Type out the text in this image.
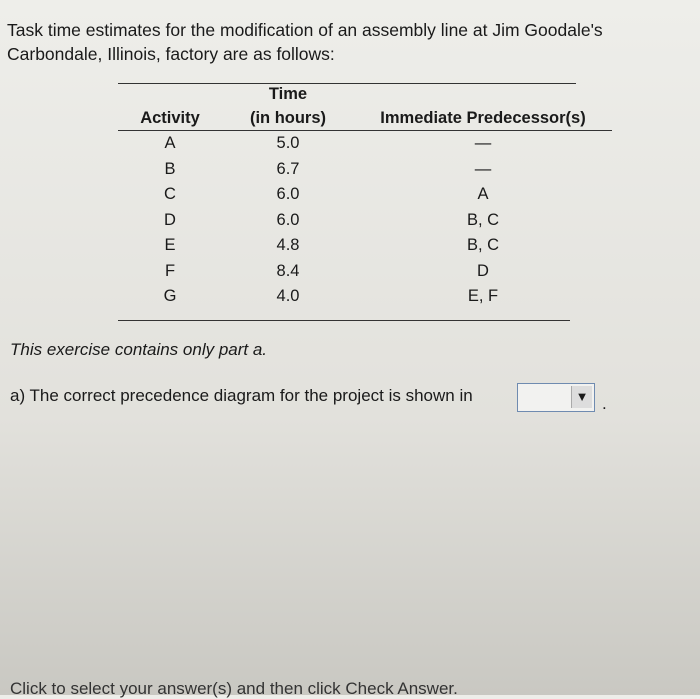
Task time estimates for the modification of an assembly line at Jim Goodale's Carbondale, Illinois, factory are as follows:
	Time	
Activity	(in hours)	Immediate Predecessor(s)
A	5.0	—
B	6.7	—
C	6.0	A
D	6.0	B, C
E	4.8	B, C
F	8.4	D
G	4.0	E, F
This exercise contains only part a.
a) The correct precedence diagram for the project is shown in	▼ .
Click to select your answer(s) and then click Check Answer.
